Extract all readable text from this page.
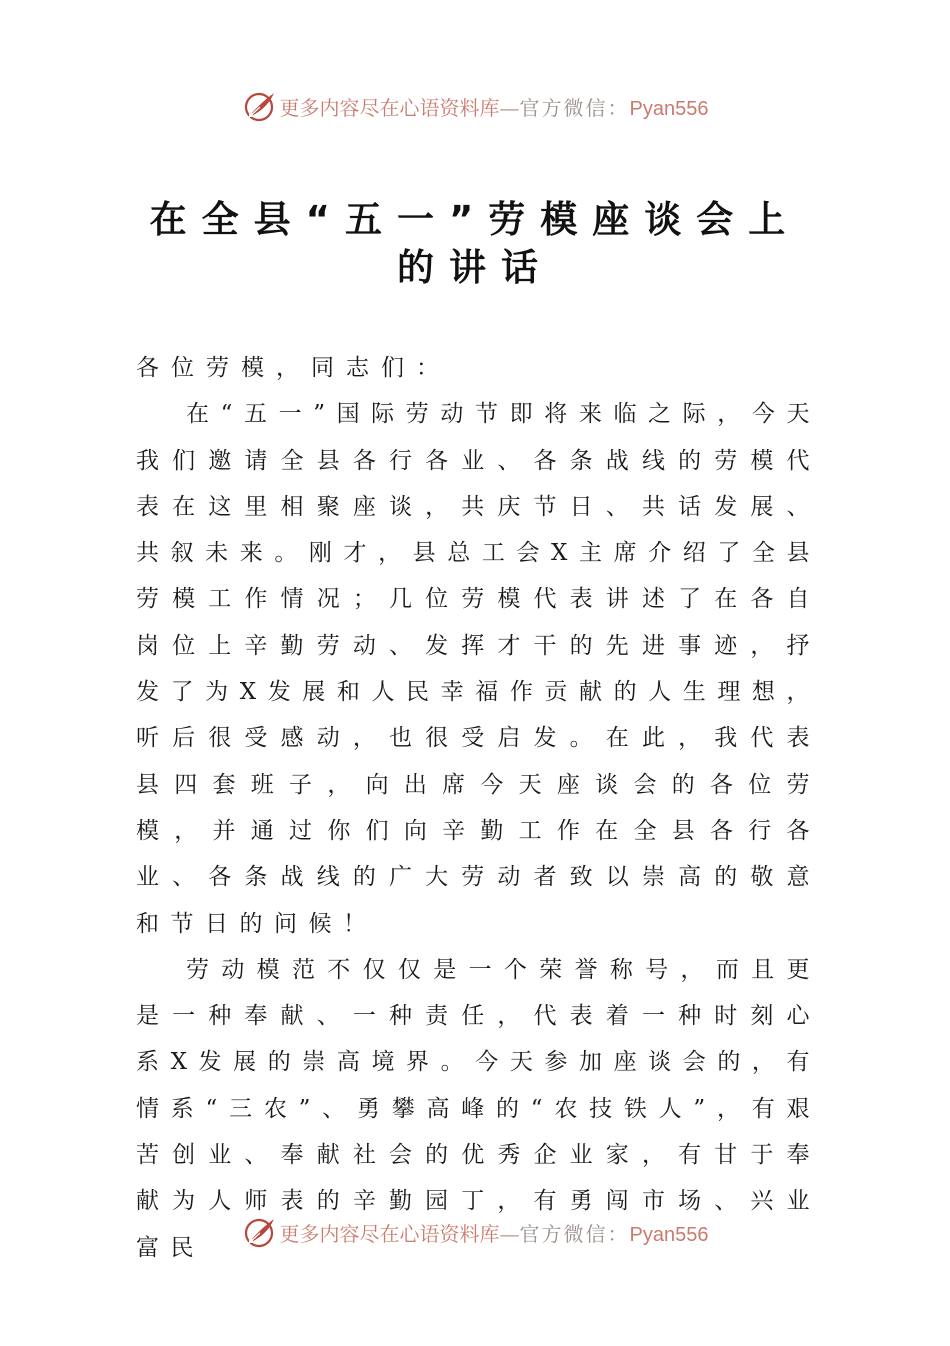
更多内容尽在心语资料库—官方微信：Pyan556
在全县“五一”劳模座谈会上
的讲话

各位劳模，同志们：

在“五一”国际劳动节即将来临之际，今天我们邀请全县各行各业、各条战线的劳模代表在这里相聚座谈，共庆节日、共话发展、共叙未来。刚才，县总工会X主席介绍了全县劳模工作情况；几位劳模代表讲述了在各自岗位上辛勤劳动、发挥才干的先进事迹，抒发了为X发展和人民幸福作贡献的人生理想，听后很受感动，也很受启发。在此，我代表县四套班子，向出席今天座谈会的各位劳模，并通过你们向辛勤工作在全县各行各业、各条战线的广大劳动者致以崇高的敬意和节日的问候！

劳动模范不仅仅是一个荣誉称号，而且更是一种奉献、一种责任，代表着一种时刻心系X发展的崇高境界。今天参加座谈会的，有情系“三农”、勇攀高峰的“农技铁人”，有艰苦创业、奉献社会的优秀企业家，有甘于奉献为人师表的辛勤园丁，有勇闯市场、兴业富民

更多内容尽在心语资料库—官方微信：Pyan556
